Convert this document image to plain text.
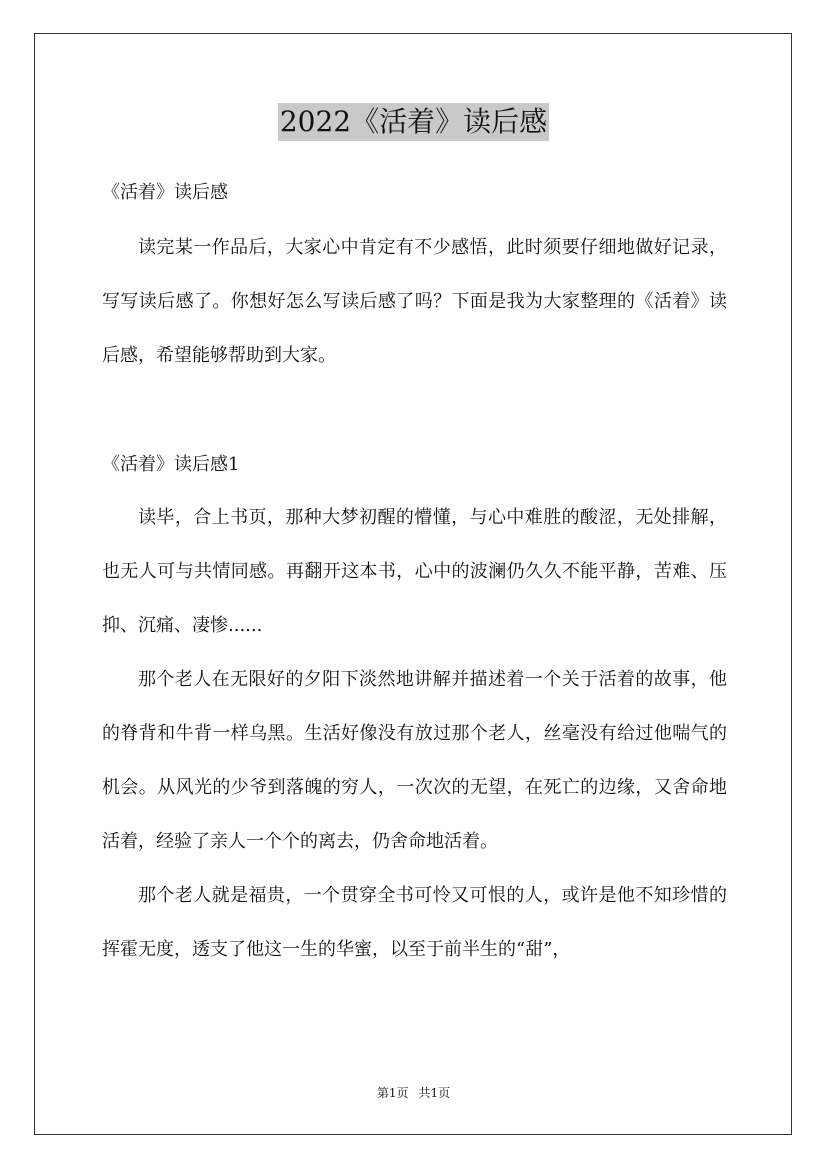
2022《活着》读后感
《活着》读后感

读完某一作品后，大家心中肯定有不少感悟，此时须要仔细地做好记录，写写读后感了。你想好怎么写读后感了吗？下面是我为大家整理的《活着》读后感，希望能够帮助到大家。

《活着》读后感1

读毕，合上书页，那种大梦初醒的懵懂，与心中难胜的酸涩，无处排解，也无人可与共情同感。再翻开这本书，心中的波澜仍久久不能平静，苦难、压抑、沉痛、凄惨......

那个老人在无限好的夕阳下淡然地讲解并描述着一个关于活着的故事，他的脊背和牛背一样乌黑。生活好像没有放过那个老人，丝毫没有给过他喘气的机会。从风光的少爷到落魄的穷人，一次次的无望，在死亡的边缘，又舍命地活着，经验了亲人一个个的离去，仍舍命地活着。

那个老人就是福贵，一个贯穿全书可怜又可恨的人，或许是他不知珍惜的挥霍无度，透支了他这一生的华蜜，以至于前半生的“甜”，

第1页 共1页
